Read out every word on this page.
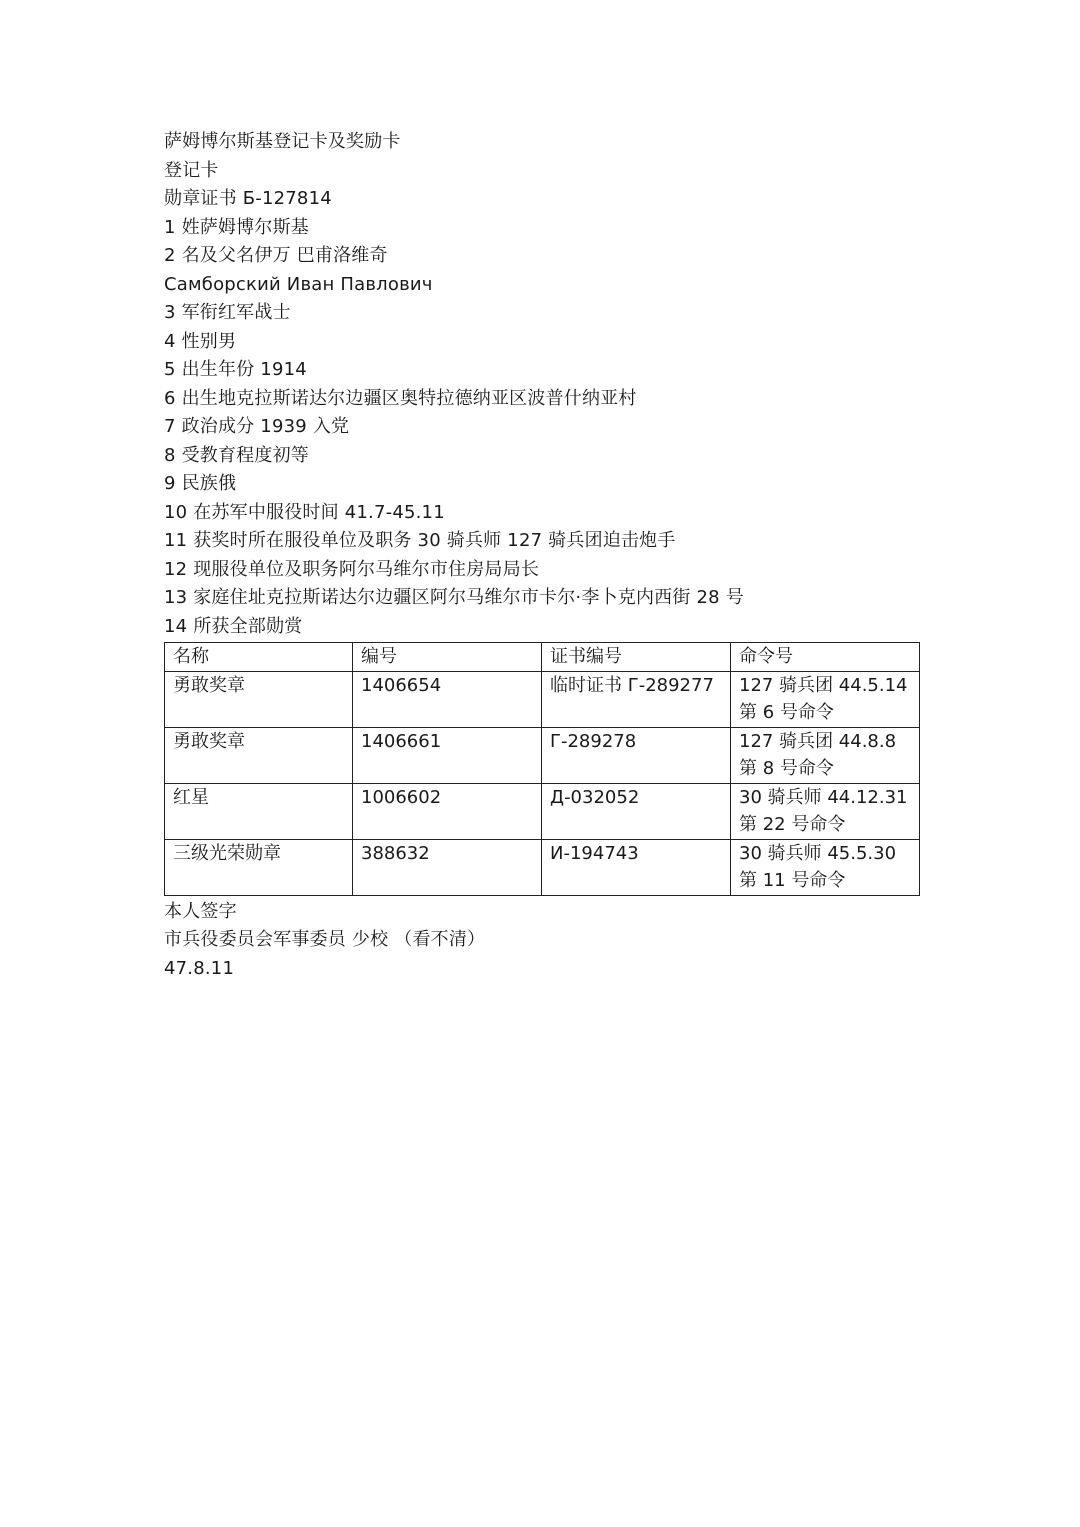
萨姆博尔斯基登记卡及奖励卡
登记卡
勋章证书 Б-127814
1 姓萨姆博尔斯基
2 名及父名伊万 巴甫洛维奇
Самборский Иван Павлович
3 军衔红军战士
4 性别男
5 出生年份 1914
6 出生地克拉斯诺达尔边疆区奥特拉德纳亚区波普什纳亚村
7 政治成分 1939 入党
8 受教育程度初等
9 民族俄
10 在苏军中服役时间 41.7-45.11
11 获奖时所在服役单位及职务 30 骑兵师 127 骑兵团迫击炮手
12 现服役单位及职务阿尔马维尔市住房局局长
13 家庭住址克拉斯诺达尔边疆区阿尔马维尔市卡尔·李卜克内西街 28 号
14 所获全部勋赏
名称	编号	证书编号	命令号
勇敢奖章	1406654	临时证书 Г-289277	127 骑兵团 44.5.14
第 6 号命令

勇敢奖章	1406661	Г-289278	127 骑兵团 44.8.8
第 8 号命令

红星	1006602	Д-032052	30 骑兵师 44.12.31
第 22 号命令

三级光荣勋章	388632	И-194743	30 骑兵师 45.5.30
第 11 号命令
本人签字
市兵役委员会军事委员 少校 （看不清）
47.8.11
